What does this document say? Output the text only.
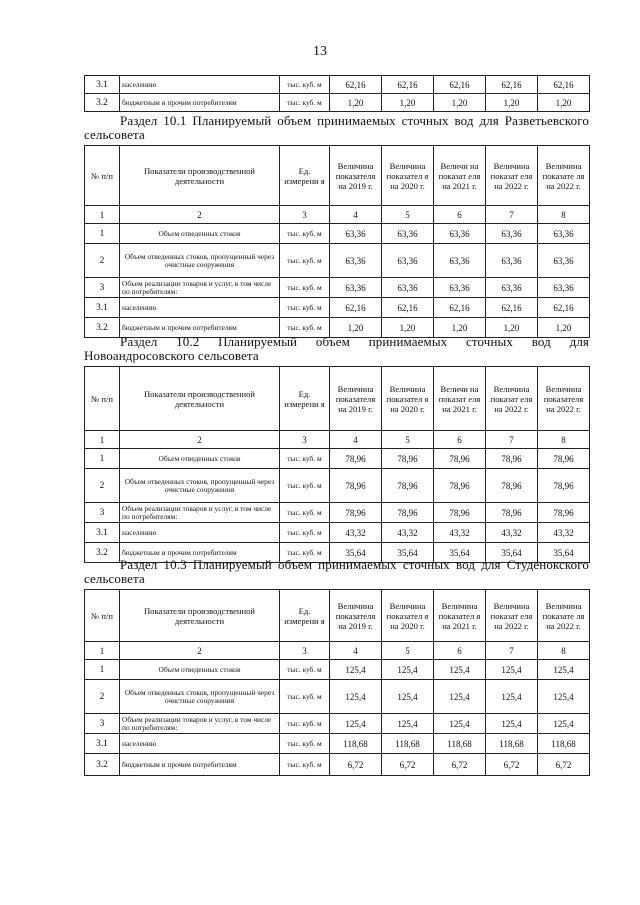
13
3.1	населению	тыс. куб. м	62,16	62,16	62,16	62,16	62,16
3.2	бюджетным и прочим потребителям	тыс. куб. м	1,20	1,20	1,20	1,20	1,20
Раздел 10.1 Планируемый объем принимаемых сточных вод для Разветьевского
сельсовета
№ п/п	Показатели производственной деятельности	Ед. измерени я	Величина показателя на 2019 г.	Величина показател я на 2020 г.	Величи на показат еля на 2021 г.	Величина показат еля на 2022 г.	Величина показате ля на 2022 г.
1	2	3	4	5	6	7	8
1	Объем отведенных стоков	тыс. куб. м	63,36	63,36	63,36	63,36	63,36
2	Объем отведенных стоков, пропущенный через очистные сооружения	тыс. куб. м	63,36	63,36	63,36	63,36	63,36
3	Объем реализации товаров и услуг, в том числе по потребителям:	тыс. куб. м	63,36	63,36	63,36	63,36	63,36
3.1	населению	тыс. куб. м	62,16	62,16	62,16	62,16	62,16
3.2	бюджетным и прочим потребителям	тыс. куб. м	1,20	1,20	1,20	1,20	1,20
Раздел 10.2 Планируемый объем принимаемых сточных вод для
Новоандросовского сельсовета
№ п/п	Показатели производственной деятельности	Ед. измерени я	Величина показателя на 2019 г.	Величина показател я на 2020 г.	Величи на показат еля на 2021 г.	Величина показат еля на 2022 г.	Величина показателя на 2022 г.
1	2	3	4	5	6	7	8
1	Объем отведенных стоков	тыс. куб. м	78,96	78,96	78,96	78,96	78,96
2	Объем отведенных стоков, пропущенный через очистные сооружения	тыс. куб. м	78,96	78,96	78,96	78,96	78,96
3	Объем реализации товаров и услуг, в том числе по потребителям:	тыс. куб. м	78,96	78,96	78,96	78,96	78,96
3.1	населению	тыс. куб. м	43,32	43,32	43,32	43,32	43,32
3.2	бюджетным и прочим потребителям	тыс. куб. м	35,64	35,64	35,64	35,64	35,64
Раздел 10.3 Планируемый объем принимаемых сточных вод для Студенокского
сельсовета
№ п/п	Показатели производственной деятельности	Ед. измерени я	Величина показателя на 2019 г.	Величина показател я на 2020 г.	Величина показател я на 2021 г.	Величина показат еля на 2022 г.	Величина показате ля на 2022 г.
1	2	3	4	5	6	7	8
1	Объем отведенных стоков	тыс. куб. м	125,4	125,4	125,4	125,4	125,4
2	Объем отведенных стоков, пропущенный через очистные сооружения	тыс. куб. м	125,4	125,4	125,4	125,4	125,4
3	Объем реализации товаров и услуг, в том числе по потребителям:	тыс. куб. м	125,4	125,4	125,4	125,4	125,4
3.1	населению	тыс. куб. м	118,68	118,68	118,68	118,68	118,68
3.2	бюджетным и прочим потребителям	тыс. куб. м	6,72	6,72	6,72	6,72	6,72
